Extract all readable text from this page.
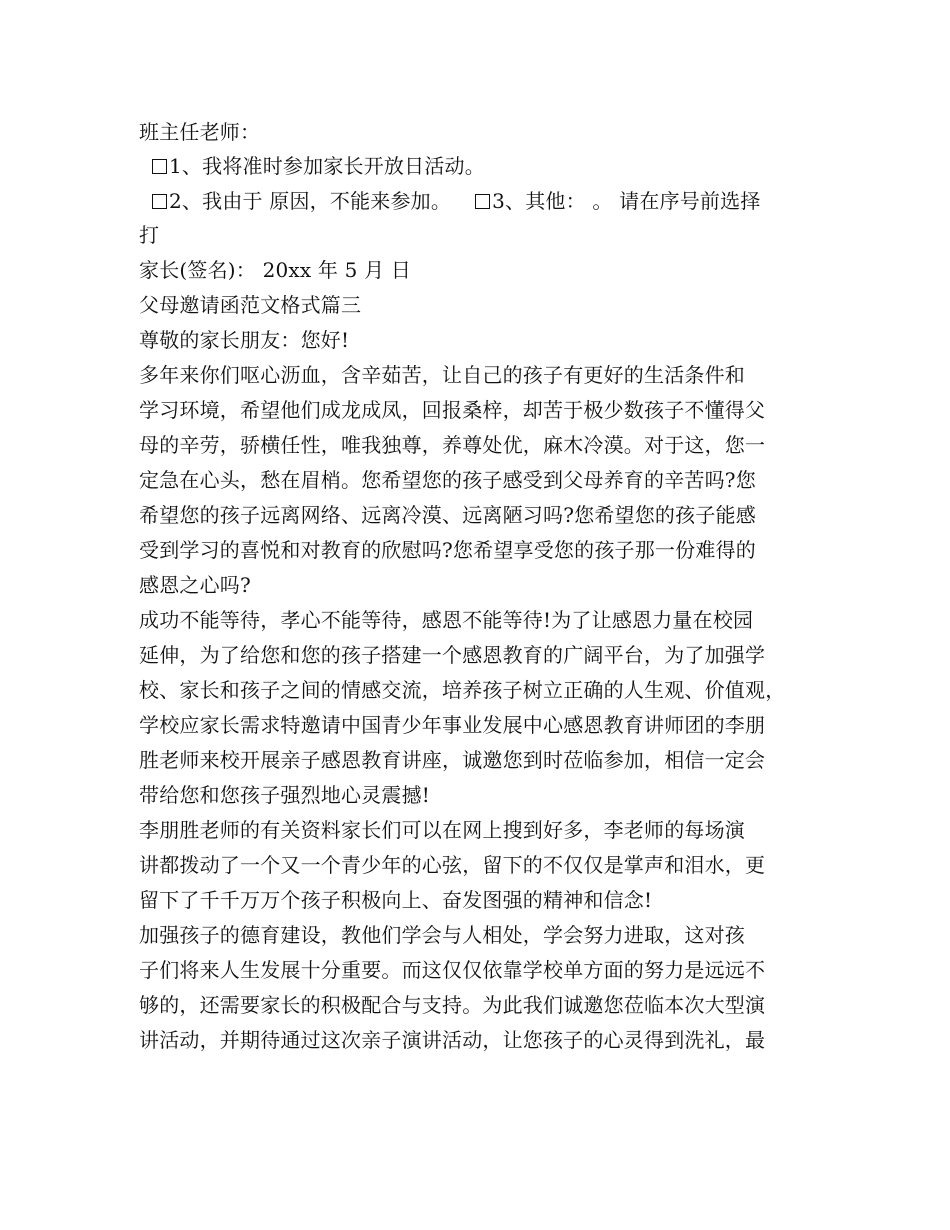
班主任老师：
1、我将准时参加家长开放日活动。
2、我由于 原因，不能来参加。 3、其他： 。 请在序号前选择
打
家长(签名)： 20xx 年 5 月 日
父母邀请函范文格式篇三
尊敬的家长朋友：您好!
多年来你们呕心沥血，含辛茹苦，让自己的孩子有更好的生活条件和
学习环境，希望他们成龙成凤，回报桑梓，却苦于极少数孩子不懂得父
母的辛劳，骄横任性，唯我独尊，养尊处优，麻木冷漠。对于这，您一
定急在心头，愁在眉梢。您希望您的孩子感受到父母养育的辛苦吗?您
希望您的孩子远离网络、远离冷漠、远离陋习吗?您希望您的孩子能感
受到学习的喜悦和对教育的欣慰吗?您希望享受您的孩子那一份难得的
感恩之心吗?
成功不能等待，孝心不能等待，感恩不能等待!为了让感恩力量在校园
延伸，为了给您和您的孩子搭建一个感恩教育的广阔平台，为了加强学
校、家长和孩子之间的情感交流，培养孩子树立正确的人生观、价值观，
学校应家长需求特邀请中国青少年事业发展中心感恩教育讲师团的李朋
胜老师来校开展亲子感恩教育讲座，诚邀您到时莅临参加，相信一定会
带给您和您孩子强烈地心灵震撼!
李朋胜老师的有关资料家长们可以在网上搜到好多，李老师的每场演
讲都拨动了一个又一个青少年的心弦，留下的不仅仅是掌声和泪水，更
留下了千千万万个孩子积极向上、奋发图强的精神和信念!
加强孩子的德育建设，教他们学会与人相处，学会努力进取，这对孩
子们将来人生发展十分重要。而这仅仅依靠学校单方面的努力是远远不
够的，还需要家长的积极配合与支持。为此我们诚邀您莅临本次大型演
讲活动，并期待通过这次亲子演讲活动，让您孩子的心灵得到洗礼，最
